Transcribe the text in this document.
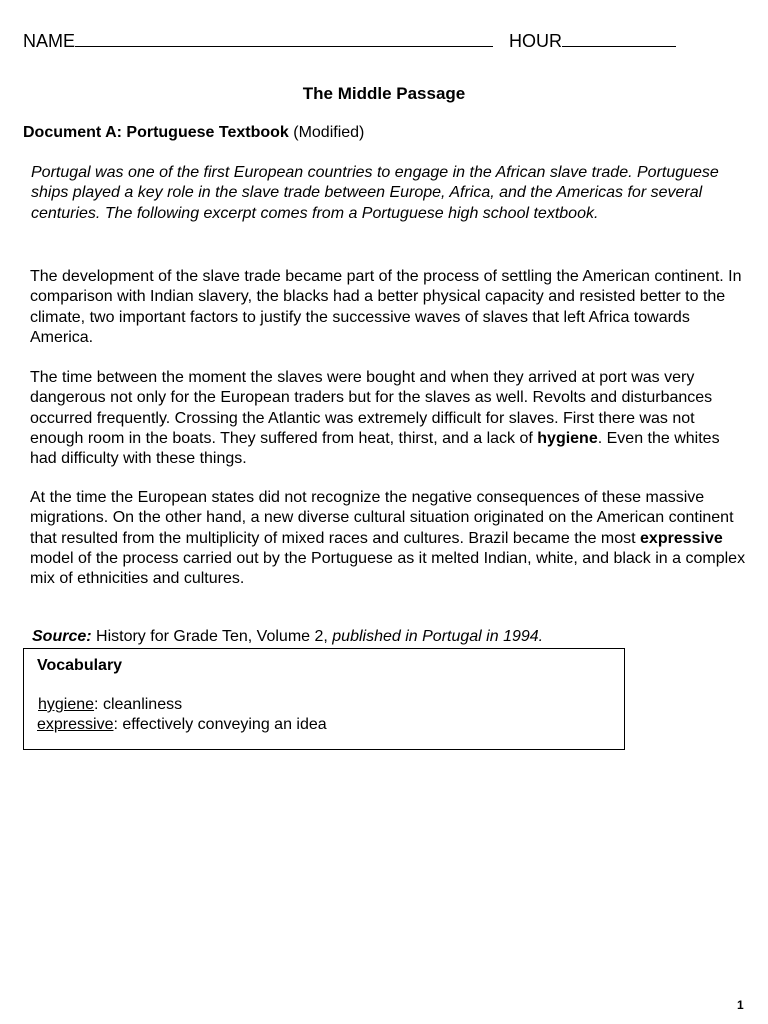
NAME	HOUR
The Middle Passage
Document A: Portuguese Textbook (Modified)
Portugal was one of the first European countries to engage in the African slave trade. Portuguese ships played a key role in the slave trade between Europe, Africa, and the Americas for several centuries. The following excerpt comes from a Portuguese high school textbook.
The development of the slave trade became part of the process of settling the American continent. In comparison with Indian slavery, the blacks had a better physical capacity and resisted better to the climate, two important factors to justify the successive waves of slaves that left Africa towards America.
The time between the moment the slaves were bought and when they arrived at port was very dangerous not only for the European traders but for the slaves as well. Revolts and disturbances occurred frequently. Crossing the Atlantic was extremely difficult for slaves. First there was not enough room in the boats. They suffered from heat, thirst, and a lack of hygiene. Even the whites had difficulty with these things.
At the time the European states did not recognize the negative consequences of these massive migrations. On the other hand, a new diverse cultural situation originated on the American continent that resulted from the multiplicity of mixed races and cultures. Brazil became the most expressive model of the process carried out by the Portuguese as it melted Indian, white, and black in a complex mix of ethnicities and cultures.
Source: History for Grade Ten, Volume 2, published in Portugal in 1994.
Vocabulary
hygiene: cleanliness
expressive: effectively conveying an idea
1
